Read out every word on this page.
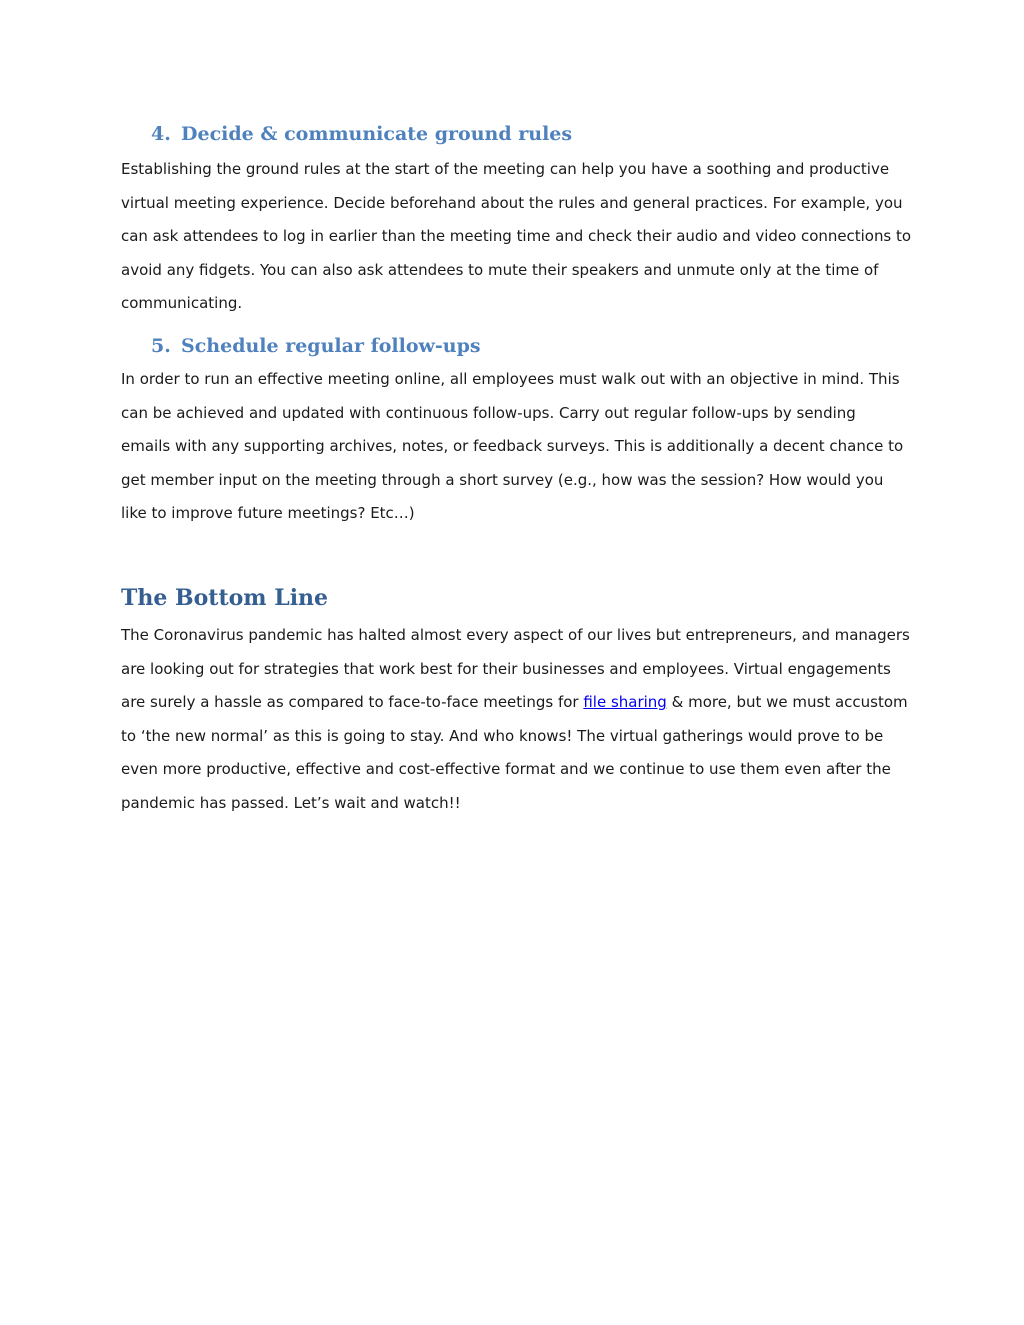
4. Decide & communicate ground rules

Establishing the ground rules at the start of the meeting can help you have a soothing and productive
virtual meeting experience. Decide beforehand about the rules and general practices. For example, you
can ask attendees to log in earlier than the meeting time and check their audio and video connections to
avoid any fidgets. You can also ask attendees to mute their speakers and unmute only at the time of
communicating.

5. Schedule regular follow-ups

In order to run an effective meeting online, all employees must walk out with an objective in mind. This
can be achieved and updated with continuous follow-ups. Carry out regular follow-ups by sending
emails with any supporting archives, notes, or feedback surveys. This is additionally a decent chance to
get member input on the meeting through a short survey (e.g., how was the session? How would you
like to improve future meetings? Etc…)

The Bottom Line

The Coronavirus pandemic has halted almost every aspect of our lives but entrepreneurs, and managers
are looking out for strategies that work best for their businesses and employees. Virtual engagements
are surely a hassle as compared to face-to-face meetings for file sharing & more, but we must accustom
to ‘the new normal’ as this is going to stay. And who knows! The virtual gatherings would prove to be
even more productive, effective and cost-effective format and we continue to use them even after the
pandemic has passed. Let’s wait and watch!!
